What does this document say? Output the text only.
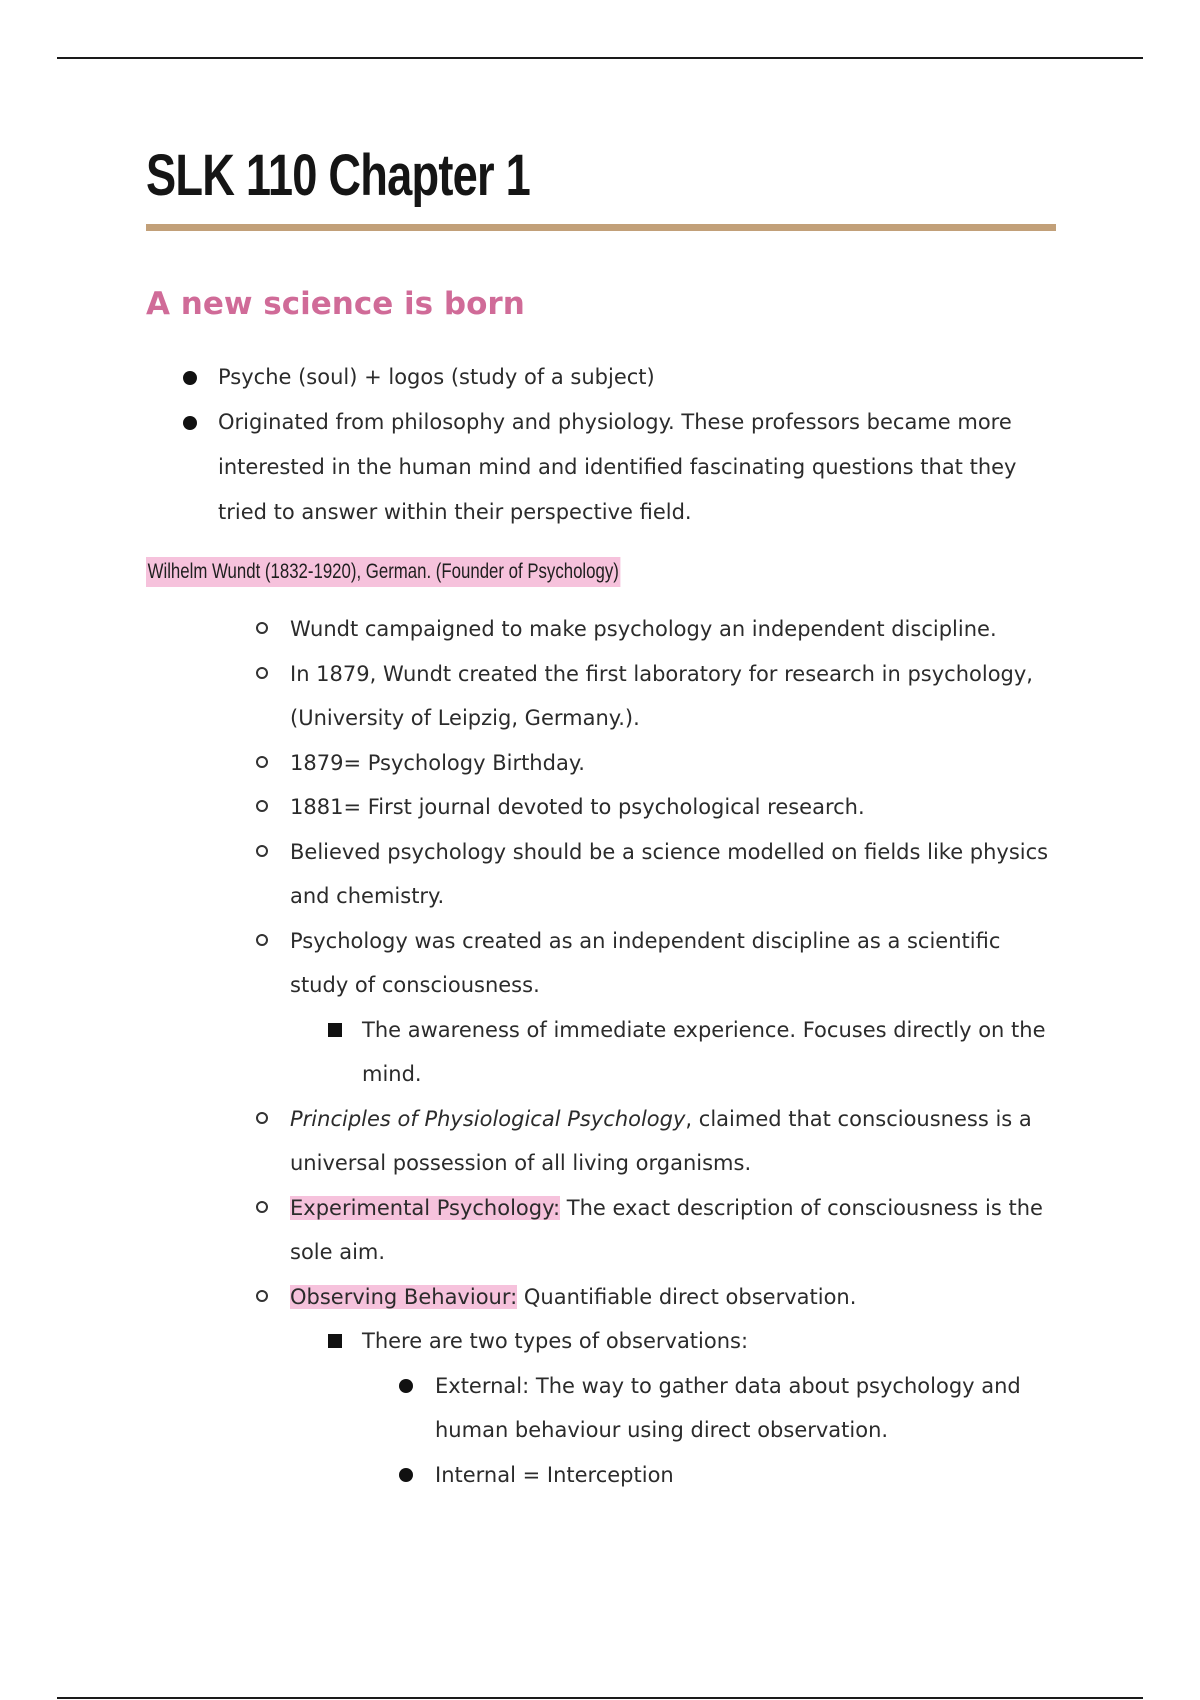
SLK 110 Chapter 1
A new science is born
Psyche (soul) + logos (study of a subject)
Originated from philosophy and physiology. These professors became more interested in the human mind and identified fascinating questions that they tried to answer within their perspective field.
Wilhelm Wundt (1832-1920), German. (Founder of Psychology)
Wundt campaigned to make psychology an independent discipline.
In 1879, Wundt created the first laboratory for research in psychology, (University of Leipzig, Germany.).
1879= Psychology Birthday.
1881= First journal devoted to psychological research.
Believed psychology should be a science modelled on fields like physics and chemistry.
Psychology was created as an independent discipline as a scientific study of consciousness.
The awareness of immediate experience. Focuses directly on the mind.
Principles of Physiological Psychology, claimed that consciousness is a universal possession of all living organisms.
Experimental Psychology: The exact description of consciousness is the sole aim.
Observing Behaviour: Quantifiable direct observation.
There are two types of observations:
External: The way to gather data about psychology and human behaviour using direct observation.
Internal = Interception
